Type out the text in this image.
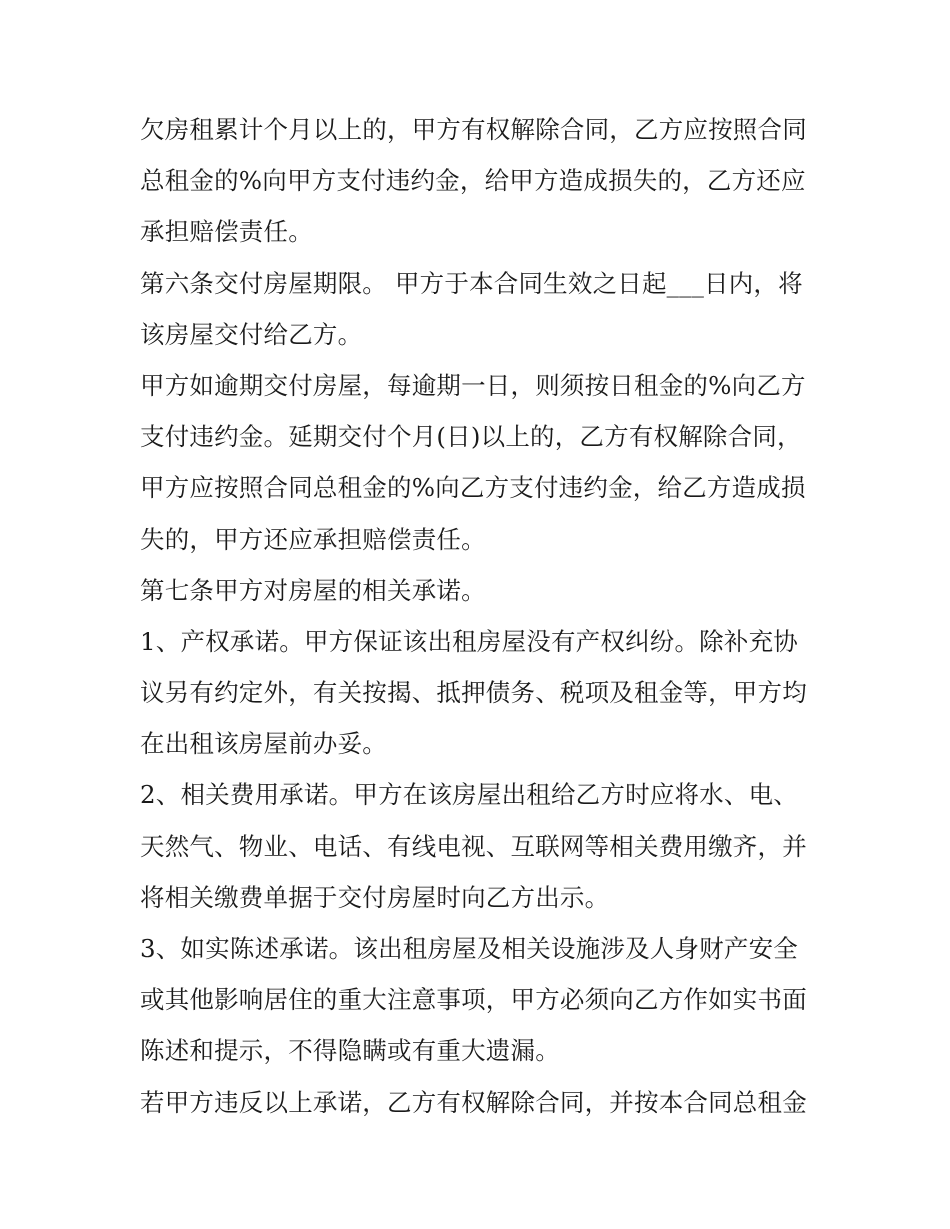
欠房租累计个月以上的，甲方有权解除合同，乙方应按照合同
总租金的%向甲方支付违约金，给甲方造成损失的，乙方还应
承担赔偿责任。
第六条交付房屋期限。 甲方于本合同生效之日起___日内，将
该房屋交付给乙方。
甲方如逾期交付房屋，每逾期一日，则须按日租金的%向乙方
支付违约金。延期交付个月(日)以上的，乙方有权解除合同，
甲方应按照合同总租金的%向乙方支付违约金，给乙方造成损
失的，甲方还应承担赔偿责任。
第七条甲方对房屋的相关承诺。
1、产权承诺。甲方保证该出租房屋没有产权纠纷。除补充协
议另有约定外，有关按揭、抵押债务、税项及租金等，甲方均
在出租该房屋前办妥。
2、相关费用承诺。甲方在该房屋出租给乙方时应将水、电、
天然气、物业、电话、有线电视、互联网等相关费用缴齐，并
将相关缴费单据于交付房屋时向乙方出示。
3、如实陈述承诺。该出租房屋及相关设施涉及人身财产安全
或其他影响居住的重大注意事项，甲方必须向乙方作如实书面
陈述和提示，不得隐瞒或有重大遗漏。
若甲方违反以上承诺，乙方有权解除合同，并按本合同总租金
